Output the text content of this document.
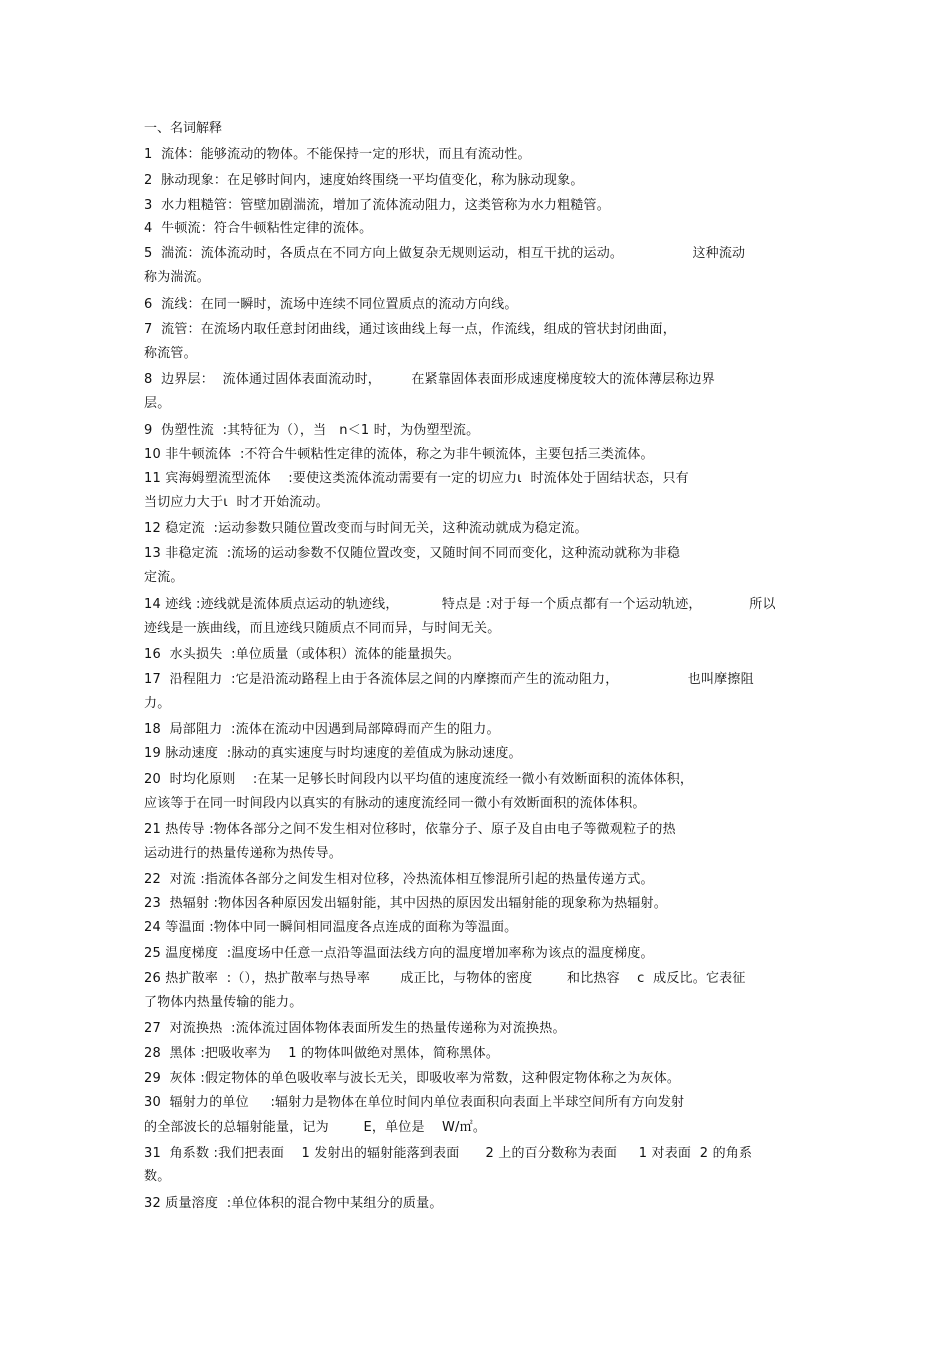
一、名词解释
1  流体：能够流动的物体。不能保持一定的形状，而且有流动性。
2  脉动现象：在足够时间内，速度始终围绕一平均值变化，称为脉动现象。
3  水力粗糙管：管壁加剧湍流，增加了流体流动阻力，这类管称为水力粗糙管。
4  牛顿流：符合牛顿粘性定律的流体。
5  湍流：流体流动时，各质点在不同方向上做复杂无规则运动，相互干扰的运动。                这种流动
称为湍流。
6  流线：在同一瞬时，流场中连续不同位置质点的流动方向线。
7  流管：在流场内取任意封闭曲线，通过该曲线上每一点，作流线，组成的管状封闭曲面，
称流管。
8  边界层：  流体通过固体表面流动时，       在紧靠固体表面形成速度梯度较大的流体薄层称边界
层。
9  伪塑性流  :其特征为（），当   n＜1 时，为伪塑型流。
10 非牛顿流体  :不符合牛顿粘性定律的流体，称之为非牛顿流体，主要包括三类流体。
11 宾海姆塑流型流体    :要使这类流体流动需要有一定的切应力ι  时流体处于固结状态，只有
当切应力大于ι  时才开始流动。
12 稳定流  :运动参数只随位置改变而与时间无关，这种流动就成为稳定流。
13 非稳定流  :流场的运动参数不仅随位置改变，又随时间不同而变化，这种流动就称为非稳
定流。
14 迹线 :迹线就是流体质点运动的轨迹线，          特点是 :对于每一个质点都有一个运动轨迹，           所以
迹线是一族曲线，而且迹线只随质点不同而异，与时间无关。
16  水头损失  :单位质量（或体积）流体的能量损失。
17  沿程阻力  :它是沿流动路程上由于各流体层之间的内摩擦而产生的流动阻力，                也叫摩擦阻
力。
18  局部阻力  :流体在流动中因遇到局部障碍而产生的阻力。
19 脉动速度  :脉动的真实速度与时均速度的差值成为脉动速度。
20  时均化原则    :在某一足够长时间段内以平均值的速度流经一微小有效断面积的流体体积，
应该等于在同一时间段内以真实的有脉动的速度流经同一微小有效断面积的流体体积。
21 热传导 :物体各部分之间不发生相对位移时，依靠分子、原子及自由电子等微观粒子的热
运动进行的热量传递称为热传导。
22  对流 :指流体各部分之间发生相对位移，冷热流体相互惨混所引起的热量传递方式。
23  热辐射 :物体因各种原因发出辐射能，其中因热的原因发出辐射能的现象称为热辐射。
24 等温面 :物体中同一瞬间相同温度各点连成的面称为等温面。
25 温度梯度  :温度场中任意一点沿等温面法线方向的温度增加率称为该点的温度梯度。
26 热扩散率  :（），热扩散率与热导率       成正比，与物体的密度        和比热容    c  成反比。它表征
了物体内热量传输的能力。
27  对流换热  :流体流过固体物体表面所发生的热量传递称为对流换热。
28  黑体 :把吸收率为    1 的物体叫做绝对黑体，简称黑体。
29  灰体 :假定物体的单色吸收率与波长无关，即吸收率为常数，这种假定物体称之为灰体。
30  辐射力的单位     :辐射力是物体在单位时间内单位表面积向表面上半球空间所有方向发射
的全部波长的总辐射能量，记为        E，单位是    W/㎡。
31  角系数 :我们把表面    1 发射出的辐射能落到表面      2 上的百分数称为表面     1 对表面  2 的角系
数。
32 质量溶度  :单位体积的混合物中某组分的质量。
